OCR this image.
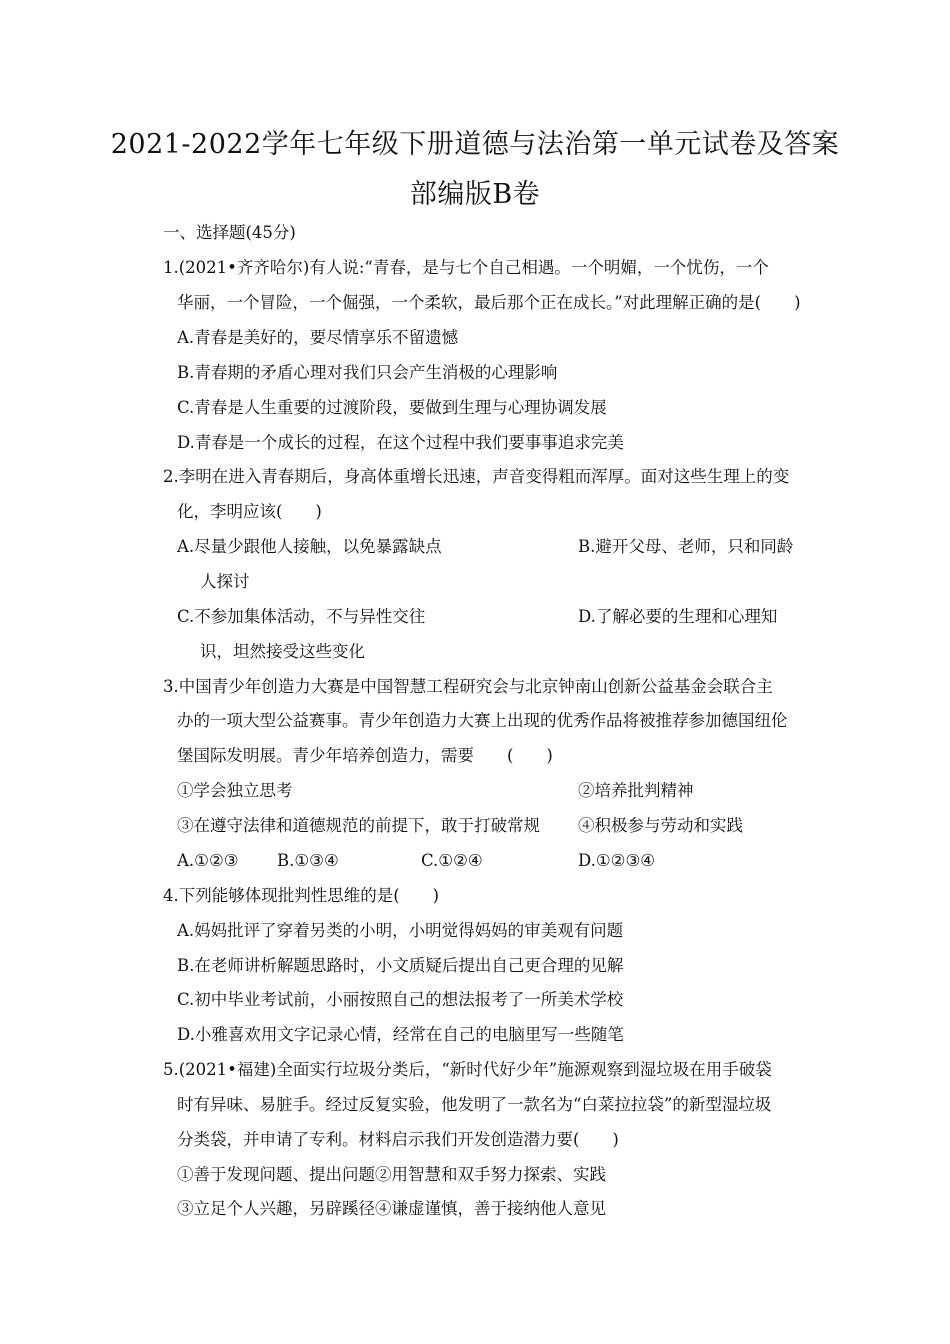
2021-2022学年七年级下册道德与法治第一单元试卷及答案
部编版B卷
一、选择题(45分)
1.(2021•齐齐哈尔)有人说:“青春，是与七个自己相遇。一个明媚，一个忧伤，一个
华丽，一个冒险，一个倔强，一个柔软，最后那个正在成长。”对此理解正确的是(　　)
A.青春是美好的，要尽情享乐不留遗憾
B.青春期的矛盾心理对我们只会产生消极的心理影响
C.青春是人生重要的过渡阶段，要做到生理与心理协调发展
D.青春是一个成长的过程，在这个过程中我们要事事追求完美
2.李明在进入青春期后，身高体重增长迅速，声音变得粗而浑厚。面对这些生理上的变
化，李明应该(　　)
A.尽量少跟他人接触，以免暴露缺点	B.避开父母、老师，只和同龄
人探讨
C.不参加集体活动，不与异性交往	D.了解必要的生理和心理知
识，坦然接受这些变化
3.中国青少年创造力大赛是中国智慧工程研究会与北京钟南山创新公益基金会联合主
办的一项大型公益赛事。青少年创造力大赛上出现的优秀作品将被推荐参加德国纽伦
堡国际发明展。青少年培养创造力，需要　　(　　)
①学会独立思考	②培养批判精神
③在遵守法律和道德规范的前提下，敢于打破常规 ④积极参与劳动和实践
A.①②③ B.①③④	C.①②④	D.①②③④
4.下列能够体现批判性思维的是(　　)
A.妈妈批评了穿着另类的小明，小明觉得妈妈的审美观有问题
B.在老师讲析解题思路时，小文质疑后提出自己更合理的见解
C.初中毕业考试前，小丽按照自己的想法报考了一所美术学校
D.小雅喜欢用文字记录心情，经常在自己的电脑里写一些随笔
5.(2021•福建)全面实行垃圾分类后，“新时代好少年”施源观察到湿垃圾在用手破袋
时有异味、易脏手。经过反复实验，他发明了一款名为“白菜拉拉袋”的新型湿垃圾
分类袋，并申请了专利。材料启示我们开发创造潜力要(　　)
①善于发现问题、提出问题②用智慧和双手努力探索、实践
③立足个人兴趣，另辟蹊径④谦虚谨慎，善于接纳他人意见
